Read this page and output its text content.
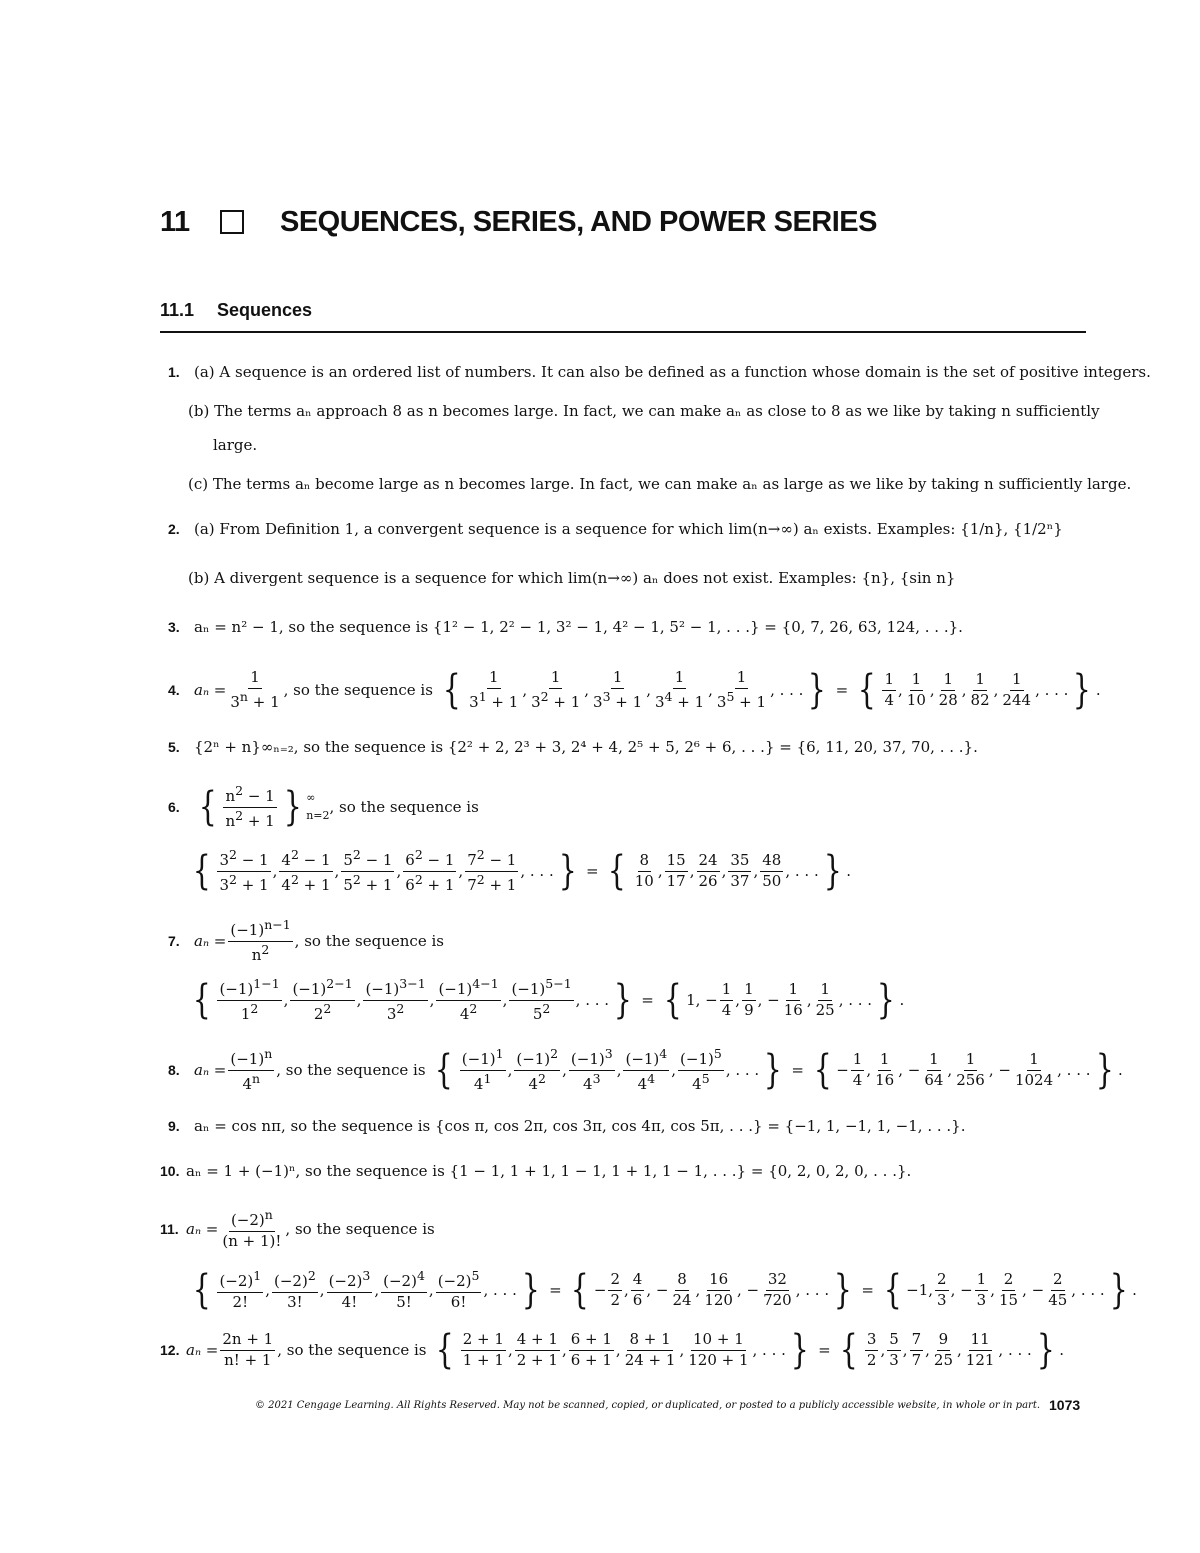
11	SEQUENCES, SERIES, AND POWER SERIES
11.1 Sequences
1. (a) A sequence is an ordered list of numbers. It can also be defined as a function whose domain is the set of positive integers.
(b) The terms aₙ approach 8 as n becomes large. In fact, we can make aₙ as close to 8 as we like by taking n sufficiently
large.
(c) The terms aₙ become large as n becomes large. In fact, we can make aₙ as large as we like by taking n sufficiently large.
2. (a) From Definition 1, a convergent sequence is a sequence for which lim(n→∞) aₙ exists. Examples: {1/n}, {1/2ⁿ}
(b) A divergent sequence is a sequence for which lim(n→∞) aₙ does not exist. Examples: {n}, {sin n}
3. aₙ = n² − 1, so the sequence is {1² − 1, 2² − 1, 3² − 1, 4² − 1, 5² − 1, . . .} = {0, 7, 26, 63, 124, . . .}.
4. $a_n = \frac{1}{3^n + 1}$ , so the sequence is
{ $\frac{1}{3^1 + 1}$ , $\frac{1}{3^2 + 1}$ , $\frac{1}{3^3 + 1}$ , $\frac{1}{3^4 + 1}$ , $\frac{1}{3^5 + 1}$ , . . . } = { $\frac{1}{4}$ , $\frac{1}{10}$ , $\frac{1}{28}$ , $\frac{1}{82}$ , $\frac{1}{244}$ , . . . } .
5. {2ⁿ + n}∞ₙ₌₂, so the sequence is {2² + 2, 2³ + 3, 2⁴ + 4, 2⁵ + 5, 2⁶ + 6, . . .} = {6, 11, 20, 37, 70, . . .}.
6. { $\frac{n^2 - 1}{n^2 + 1}$ } ∞
n=2 , so the sequence is
{ $\frac{3^2 - 1}{3^2 + 1}$ , $\frac{4^2 - 1}{4^2 + 1}$ , $\frac{5^2 - 1}{5^2 + 1}$ , $\frac{6^2 - 1}{6^2 + 1}$ , $\frac{7^2 - 1}{7^2 + 1}$ , . . . } = { $\frac{8}{10}$ , $\frac{15}{17}$ , $\frac{24}{26}$ , $\frac{35}{37}$ , $\frac{48}{50}$ , . . . } .
7. $a_n = \frac{(-1)^{n-1}}{n^2}$ , so the sequence is
{ $\frac{(-1)^{1-1}}{1^2}$ , $\frac{(-1)^{2-1}}{2^2}$ , $\frac{(-1)^{3-1}}{3^2}$ , $\frac{(-1)^{4-1}}{4^2}$ , $\frac{(-1)^{5-1}}{5^2}$ , . . . } = { 1, − $\frac{1}{4}$ , $\frac{1}{9}$ , − $\frac{1}{16}$ , $\frac{1}{25}$ , . . . } .
8. $a_n = \frac{(-1)^n}{4^n}$ , so the sequence is
{ $\frac{(-1)^1}{4^1}$ , $\frac{(-1)^2}{4^2}$ , $\frac{(-1)^3}{4^3}$ , $\frac{(-1)^4}{4^4}$ , $\frac{(-1)^5}{4^5}$ , . . . } = { − $\frac{1}{4}$ , $\frac{1}{16}$ , − $\frac{1}{64}$ , $\frac{1}{256}$ , − $\frac{1}{1024}$ , . . . } .
9. aₙ = cos nπ, so the sequence is {cos π, cos 2π, cos 3π, cos 4π, cos 5π, . . .} = {−1, 1, −1, 1, −1, . . .}.
10. aₙ = 1 + (−1)ⁿ, so the sequence is {1 − 1, 1 + 1, 1 − 1, 1 + 1, 1 − 1, . . .} = {0, 2, 0, 2, 0, . . .}.
11. $a_n = \frac{(-2)^n}{(n + 1)!}$ , so the sequence is
{ $\frac{(-2)^1}{2!}$ , $\frac{(-2)^2}{3!}$ , $\frac{(-2)^3}{4!}$ , $\frac{(-2)^4}{5!}$ , $\frac{(-2)^5}{6!}$ , . . . } = { − $\frac{2}{2}$ , $\frac{4}{6}$ , − $\frac{8}{24}$ , $\frac{16}{120}$ , − $\frac{32}{720}$ , . . . } = { −1, $\frac{2}{3}$ , − $\frac{1}{3}$ , $\frac{2}{15}$ , − $\frac{2}{45}$ , . . . } .
12. $a_n = \frac{2n + 1}{n! + 1}$ , so the sequence is
{ $\frac{2 + 1}{1 + 1}$ , $\frac{4 + 1}{2 + 1}$ , $\frac{6 + 1}{6 + 1}$ , $\frac{8 + 1}{24 + 1}$ , $\frac{10 + 1}{120 + 1}$ , . . . } = { $\frac{3}{2}$ , $\frac{5}{3}$ , $\frac{7}{7}$ , $\frac{9}{25}$ , $\frac{11}{121}$ , . . . } .
© 2021 Cengage Learning. All Rights Reserved. May not be scanned, copied, or duplicated, or posted to a publicly accessible website, in whole or in part. 1073
